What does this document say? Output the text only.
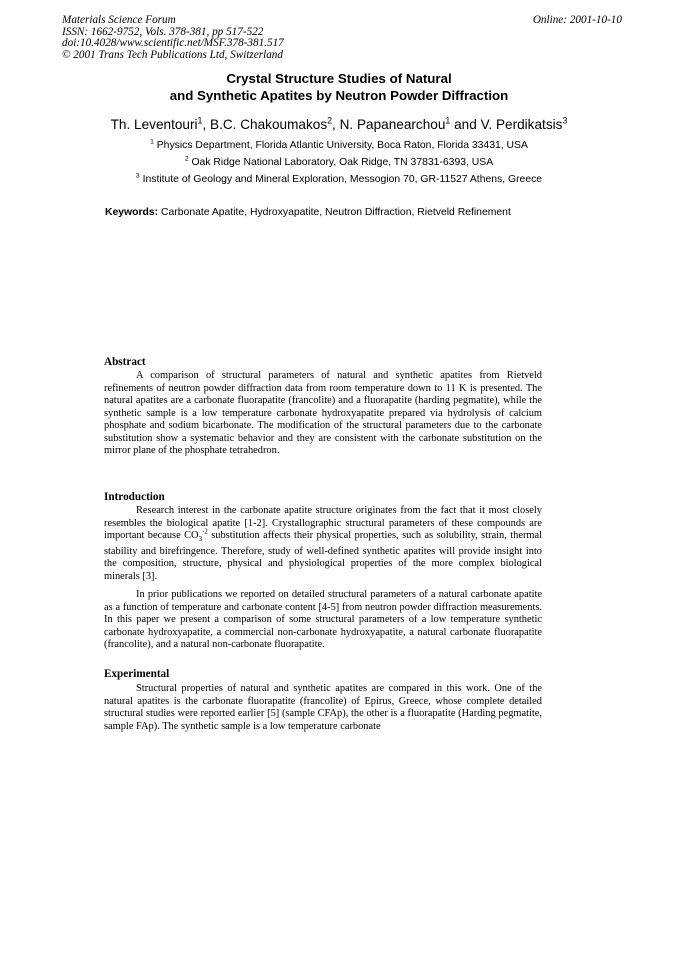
Materials Science Forum
ISSN: 1662-9752, Vols. 378-381, pp 517-522
doi:10.4028/www.scientific.net/MSF.378-381.517
© 2001 Trans Tech Publications Ltd, Switzerland
Online: 2001-10-10
Crystal Structure Studies of Natural
and Synthetic Apatites by Neutron Powder Diffraction
Th. Leventouri$^1$, B.C. Chakoumakos$^2$, N. Papanearchou$^1$ and V. Perdikatsis$^3$
$^1$ Physics Department, Florida Atlantic University, Boca Raton, Florida 33431, USA
$^2$ Oak Ridge National Laboratory, Oak Ridge, TN 37831-6393, USA
$^3$ Institute of Geology and Mineral Exploration, Messogion 70, GR-11527 Athens, Greece
Keywords: Carbonate Apatite, Hydroxyapatite, Neutron Diffraction, Rietveld Refinement
Abstract
A comparison of structural parameters of natural and synthetic apatites from Rietveld refinements of neutron powder diffraction data from room temperature down to 11 K is presented. The natural apatites are a carbonate fluorapatite (francolite) and a fluorapatite (harding pegmatite), while the synthetic sample is a low temperature carbonate hydroxyapatite prepared via hydrolysis of calcium phosphate and sodium bicarbonate. The modification of the structural parameters due to the carbonate substitution show a systematic behavior and they are consistent with the carbonate substitution on the mirror plane of the phosphate tetrahedron.
Introduction
Research interest in the carbonate apatite structure originates from the fact that it most closely resembles the biological apatite [1-2]. Crystallographic structural parameters of these compounds are important because $CO_3^{-2}$ substitution affects their physical properties, such as solubility, strain, thermal stability and birefringence. Therefore, study of well-defined synthetic apatites will provide insight into the composition, structure, physical and physiological properties of the more complex biological minerals [3].
In prior publications we reported on detailed structural parameters of a natural carbonate apatite as a function of temperature and carbonate content [4-5] from neutron powder diffraction measurements. In this paper we present a comparison of some structural parameters of a low temperature synthetic carbonate hydroxyapatite, a commercial non-carbonate hydroxyapatite, a natural carbonate fluorapatite (francolite), and a natural non-carbonate fluorapatite.
Experimental
Structural properties of natural and synthetic apatites are compared in this work. One of the natural apatites is the carbonate fluorapatite (francolite) of Epirus, Greece, whose complete detailed structural studies were reported earlier [5] (sample CFAp), the other is a fluorapatite (Harding pegmatite, sample FAp). The synthetic sample is a low temperature carbonate
